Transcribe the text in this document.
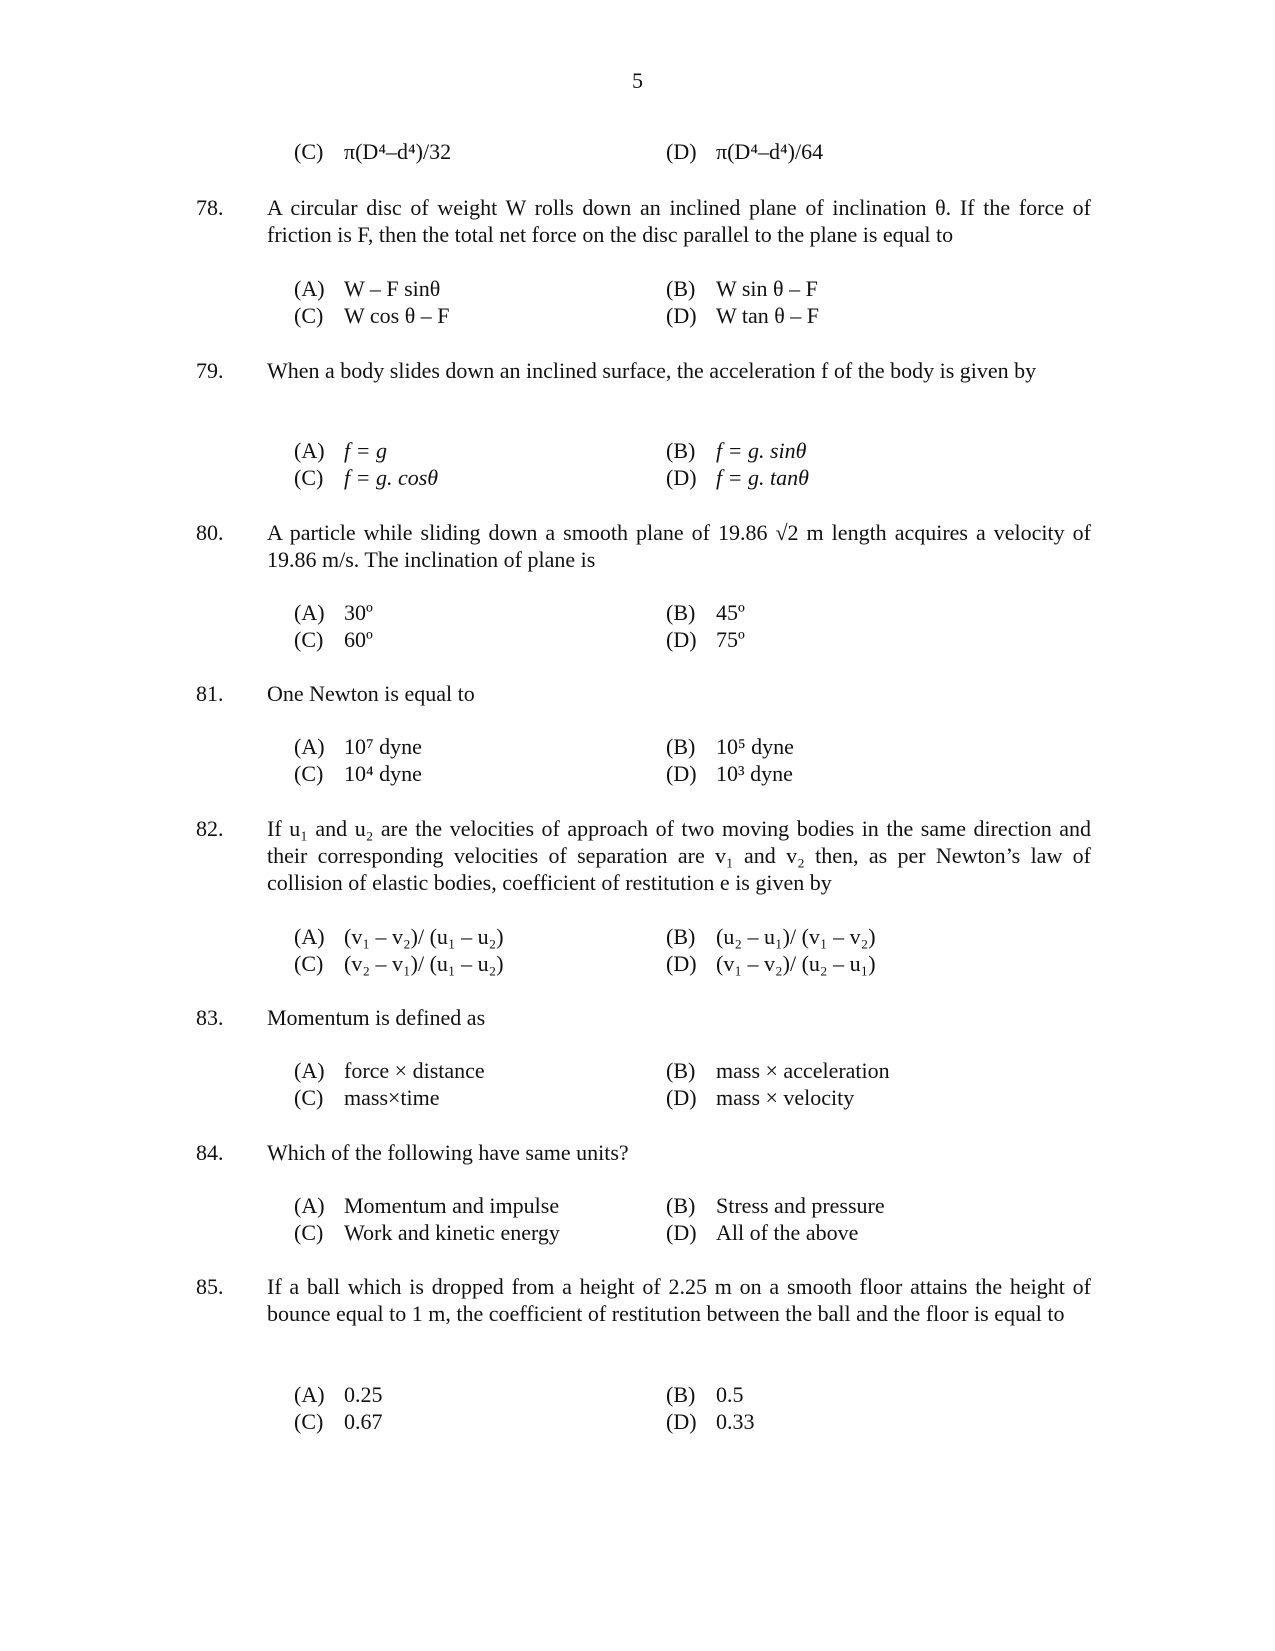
5
(C) π(D⁴–d⁴)/32	(D) π(D⁴–d⁴)/64
78. A circular disc of weight W rolls down an inclined plane of inclination θ. If the force of friction is F, then the total net force on the disc parallel to the plane is equal to
(A) W – F sinθ	(B) W sin θ – F
(C) W cos θ – F	(D) W tan θ – F
79. When a body slides down an inclined surface, the acceleration f of the body is given by
(A) f = g	(B) f = g. sinθ
(C) f = g. cosθ	(D) f = g. tanθ
80. A particle while sliding down a smooth plane of 19.86 √2 m length acquires a velocity of 19.86 m/s. The inclination of plane is
(A) 30º	(B) 45º
(C) 60º	(D) 75º
81. One Newton is equal to
(A) 10⁷ dyne	(B) 10⁵ dyne
(C) 10⁴ dyne	(D) 10³ dyne
82. If u₁ and u₂ are the velocities of approach of two moving bodies in the same direction and their corresponding velocities of separation are v₁ and v₂ then, as per Newton’s law of collision of elastic bodies, coefficient of restitution e is given by
(A) (v₁ – v₂)/ (u₁ – u₂)	(B) (u₂ – u₁)/ (v₁ – v₂)
(C) (v₂ – v₁)/ (u₁ – u₂)	(D) (v₁ – v₂)/ (u₂ – u₁)
83. Momentum is defined as
(A) force × distance	(B) mass × acceleration
(C) mass×time	(D) mass × velocity
84. Which of the following have same units?
(A) Momentum and impulse	(B) Stress and pressure
(C) Work and kinetic energy	(D) All of the above
85. If a ball which is dropped from a height of 2.25 m on a smooth floor attains the height of bounce equal to 1 m, the coefficient of restitution between the ball and the floor is equal to
(A) 0.25	(B) 0.5
(C) 0.67	(D) 0.33
